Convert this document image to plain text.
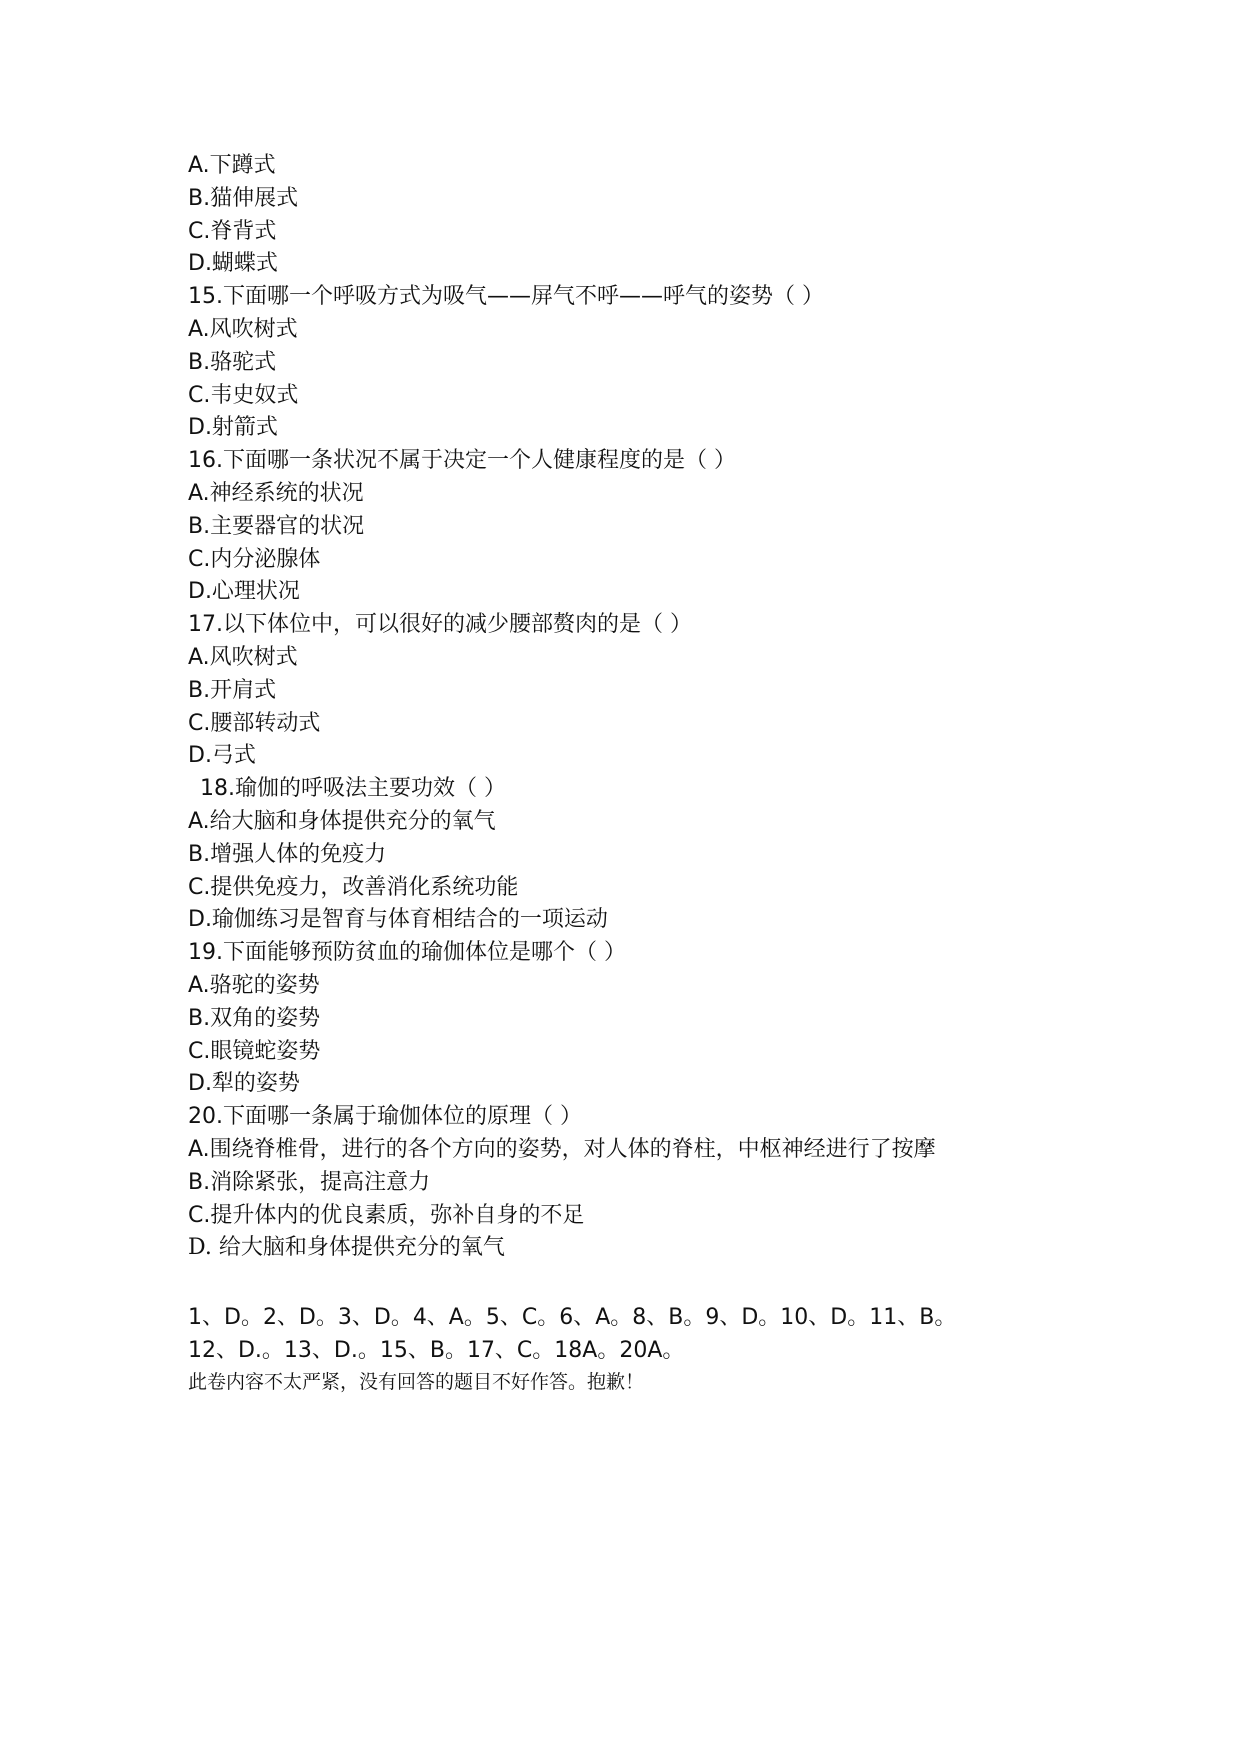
A.下蹲式
B.猫伸展式
C.脊背式
D.蝴蝶式
15.下面哪一个呼吸方式为吸气——屏气不呼——呼气的姿势（ ）
A.风吹树式
B.骆驼式
C.韦史奴式
D.射箭式
16.下面哪一条状况不属于决定一个人健康程度的是（ ）
A.神经系统的状况
B.主要器官的状况
C.内分泌腺体
D.心理状况
17.以下体位中，可以很好的减少腰部赘肉的是（ ）
A.风吹树式
B.开肩式
C.腰部转动式
D.弓式
18.瑜伽的呼吸法主要功效（ ）
A.给大脑和身体提供充分的氧气
B.增强人体的免疫力
C.提供免疫力，改善消化系统功能
D.瑜伽练习是智育与体育相结合的一项运动
19.下面能够预防贫血的瑜伽体位是哪个（ ）
A.骆驼的姿势
B.双角的姿势
C.眼镜蛇姿势
D.犁的姿势
20.下面哪一条属于瑜伽体位的原理（ ）
A.围绕脊椎骨，进行的各个方向的姿势，对人体的脊柱，中枢神经进行了按摩
B.消除紧张，提高注意力
C.提升体内的优良素质，弥补自身的不足
D. 给大脑和身体提供充分的氧气
1、D。2、D。3、D。4、A。5、C。6、A。8、B。9、D。10、D。11、B。
12、D.。13、D.。15、B。17、C。18A。20A。
此卷内容不太严紧，没有回答的题目不好作答。抱歉！
